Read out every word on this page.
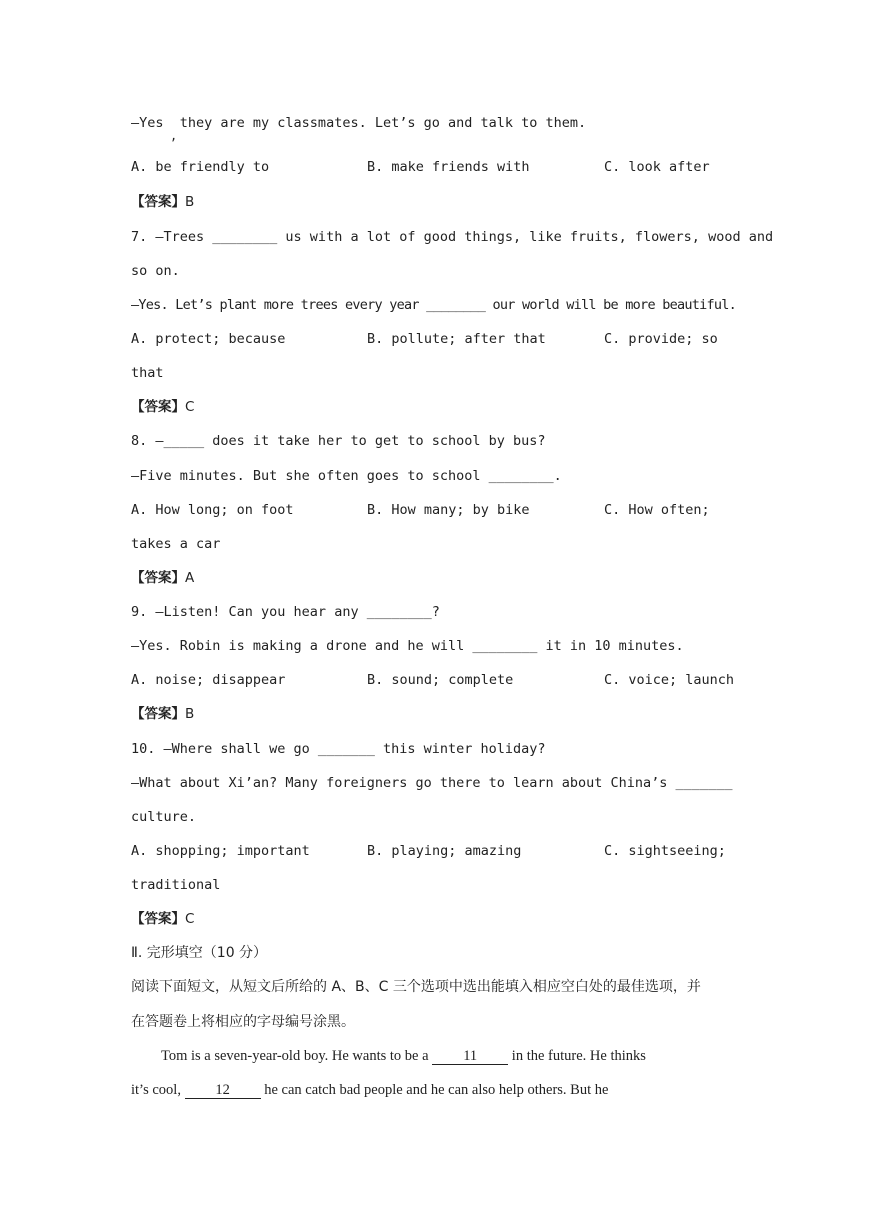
—Yes  they are my classmates. Let’s go and talk to them.
,
A. be friendly to	B. make friends with	C. look after
【答案】B
7. —Trees ________ us with a lot of good things, like fruits, flowers, wood and
so on.
—Yes. Let’s plant more trees every year ________ our world will be more beautiful.
A. protect; because	B. pollute; after that	C. provide; so
that
【答案】C
8. —_____ does it take her to get to school by bus?
—Five minutes. But she often goes to school ________.
A. How long; on foot	B. How many; by bike	C. How often;
takes a car
【答案】A
9. —Listen! Can you hear any ________?
—Yes. Robin is making a drone and he will ________ it in 10 minutes.
A. noise; disappear	B. sound; complete	C. voice; launch
【答案】B
10. —Where shall we go _______ this winter holiday?
—What about Xi’an? Many foreigners go there to learn about China’s _______
culture.
A. shopping; important	B. playing; amazing	C. sightseeing;
traditional
【答案】C
Ⅱ. 完形填空（10 分）
阅读下面短文，从短文后所给的 A、B、C 三个选项中选出能填入相应空白处的最佳选项，并
在答题卷上将相应的字母编号涂黑。
Tom is a seven-year-old boy. He wants to be a 11 in the future. He thinks
it’s cool, 12 he can catch bad people and he can also help others. But he
